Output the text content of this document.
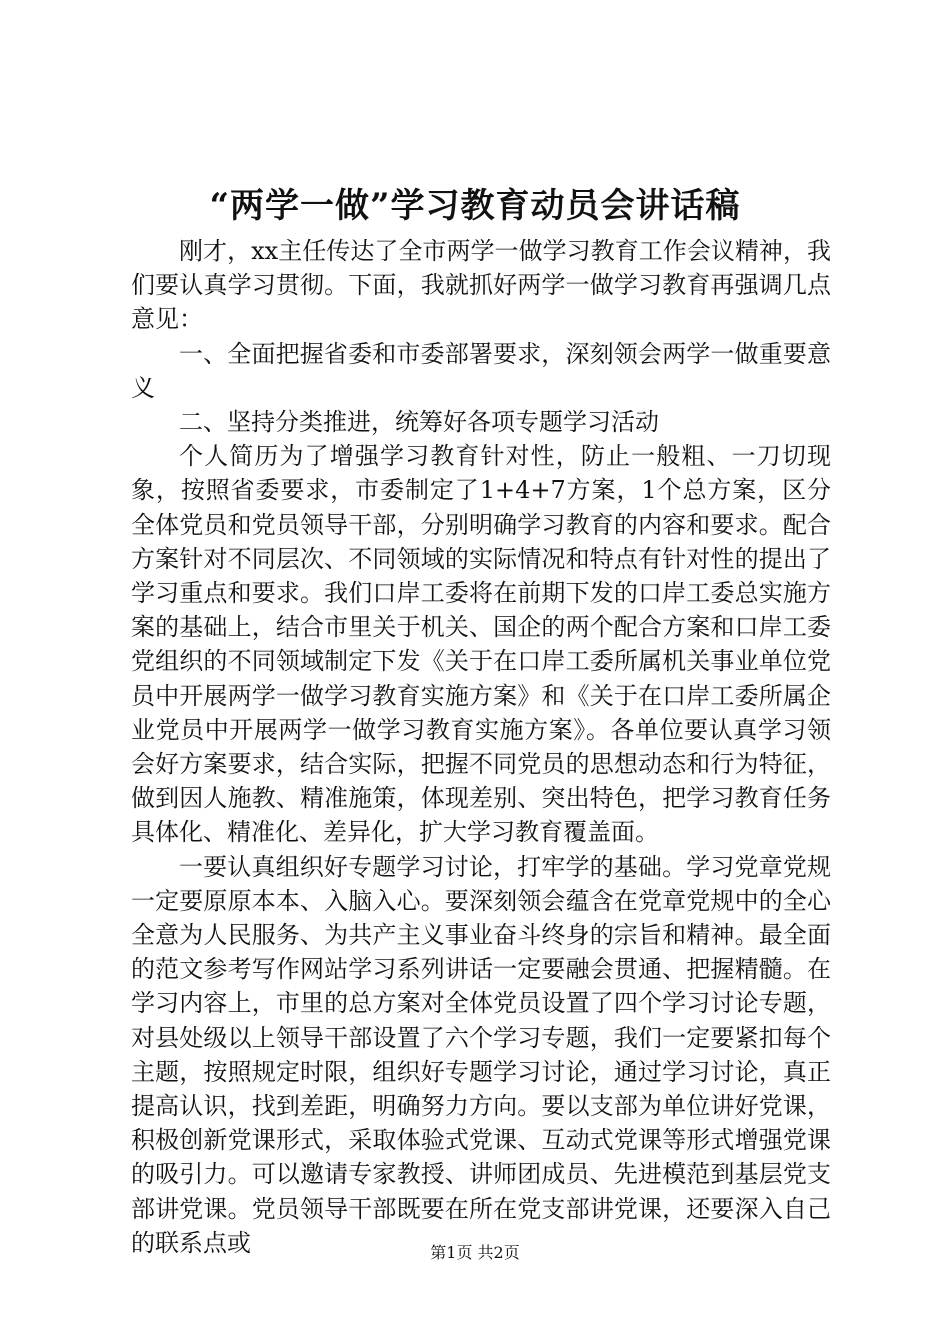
“两学一做”学习教育动员会讲话稿

刚才，xx主任传达了全市两学一做学习教育工作会议精神，我们要认真学习贯彻。下面，我就抓好两学一做学习教育再强调几点意见：

一、全面把握省委和市委部署要求，深刻领会两学一做重要意义

二、坚持分类推进，统筹好各项专题学习活动

个人简历为了增强学习教育针对性，防止一般粗、一刀切现象，按照省委要求，市委制定了1+4+7方案，1个总方案，区分全体党员和党员领导干部，分别明确学习教育的内容和要求。配合方案针对不同层次、不同领域的实际情况和特点有针对性的提出了学习重点和要求。我们口岸工委将在前期下发的口岸工委总实施方案的基础上，结合市里关于机关、国企的两个配合方案和口岸工委党组织的不同领域制定下发《关于在口岸工委所属机关事业单位党员中开展两学一做学习教育实施方案》和《关于在口岸工委所属企业党员中开展两学一做学习教育实施方案》。各单位要认真学习领会好方案要求，结合实际，把握不同党员的思想动态和行为特征，做到因人施教、精准施策，体现差别、突出特色，把学习教育任务具体化、精准化、差异化，扩大学习教育覆盖面。

一要认真组织好专题学习讨论，打牢学的基础。学习党章党规一定要原原本本、入脑入心。要深刻领会蕴含在党章党规中的全心全意为人民服务、为共产主义事业奋斗终身的宗旨和精神。最全面的范文参考写作网站学习系列讲话一定要融会贯通、把握精髓。在学习内容上，市里的总方案对全体党员设置了四个学习讨论专题，对县处级以上领导干部设置了六个学习专题，我们一定要紧扣每个主题，按照规定时限，组织好专题学习讨论，通过学习讨论，真正提高认识，找到差距，明确努力方向。要以支部为单位讲好党课，积极创新党课形式，采取体验式党课、互动式党课等形式增强党课的吸引力。可以邀请专家教授、讲师团成员、先进模范到基层党支部讲党课。党员领导干部既要在所在党支部讲党课，还要深入自己的联系点或	第1页 共2页
